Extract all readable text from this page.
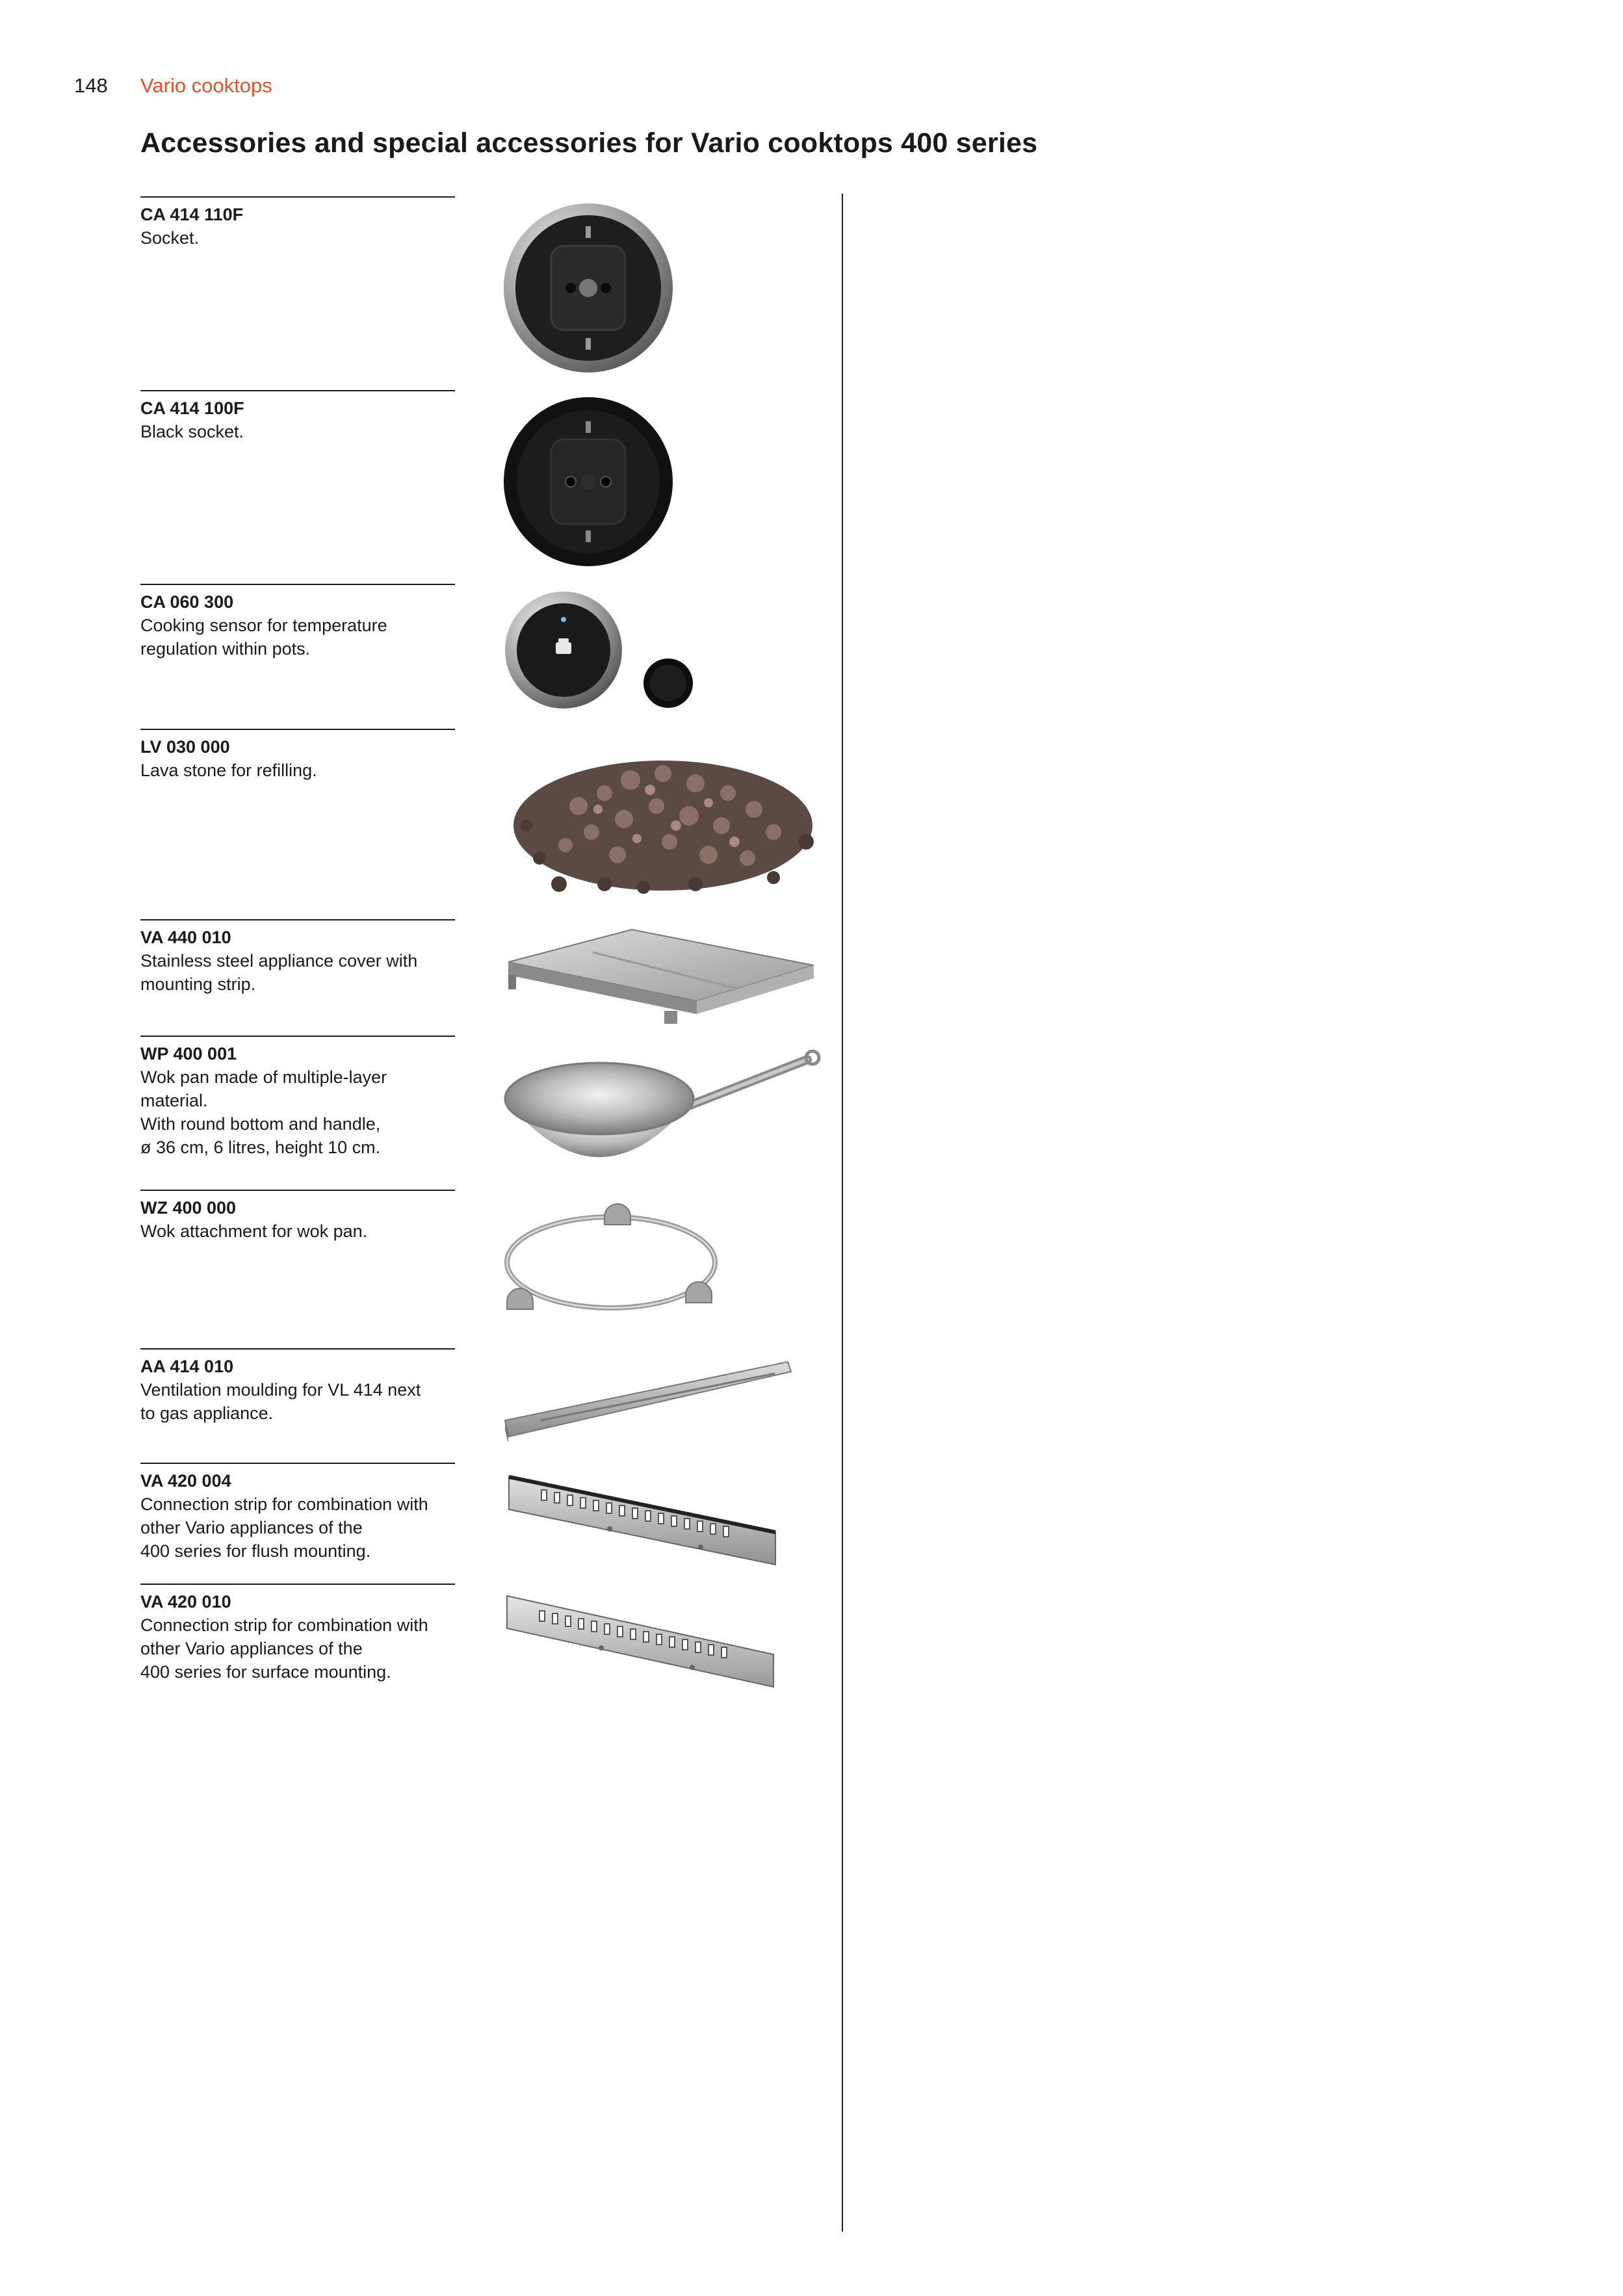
148 Vario cooktops
Accessories and special accessories for Vario cooktops 400 series
CA 414 110F
Socket.
CA 414 100F
Black socket.
CA 060 300
Cooking sensor for temperature
regulation within pots.
LV 030 000
Lava stone for refilling.
VA 440 010
Stainless steel appliance cover with
mounting strip.
WP 400 001
Wok pan made of multiple-layer
material.
With round bottom and handle,
ø 36 cm, 6 litres, height 10 cm.
WZ 400 000
Wok attachment for wok pan.
AA 414 010
Ventilation moulding for VL 414 next
to gas appliance.
VA 420 004
Connection strip for combination with
other Vario appliances of the
400 series for flush mounting.
VA 420 010
Connection strip for combination with
other Vario appliances of the
400 series for surface mounting.
